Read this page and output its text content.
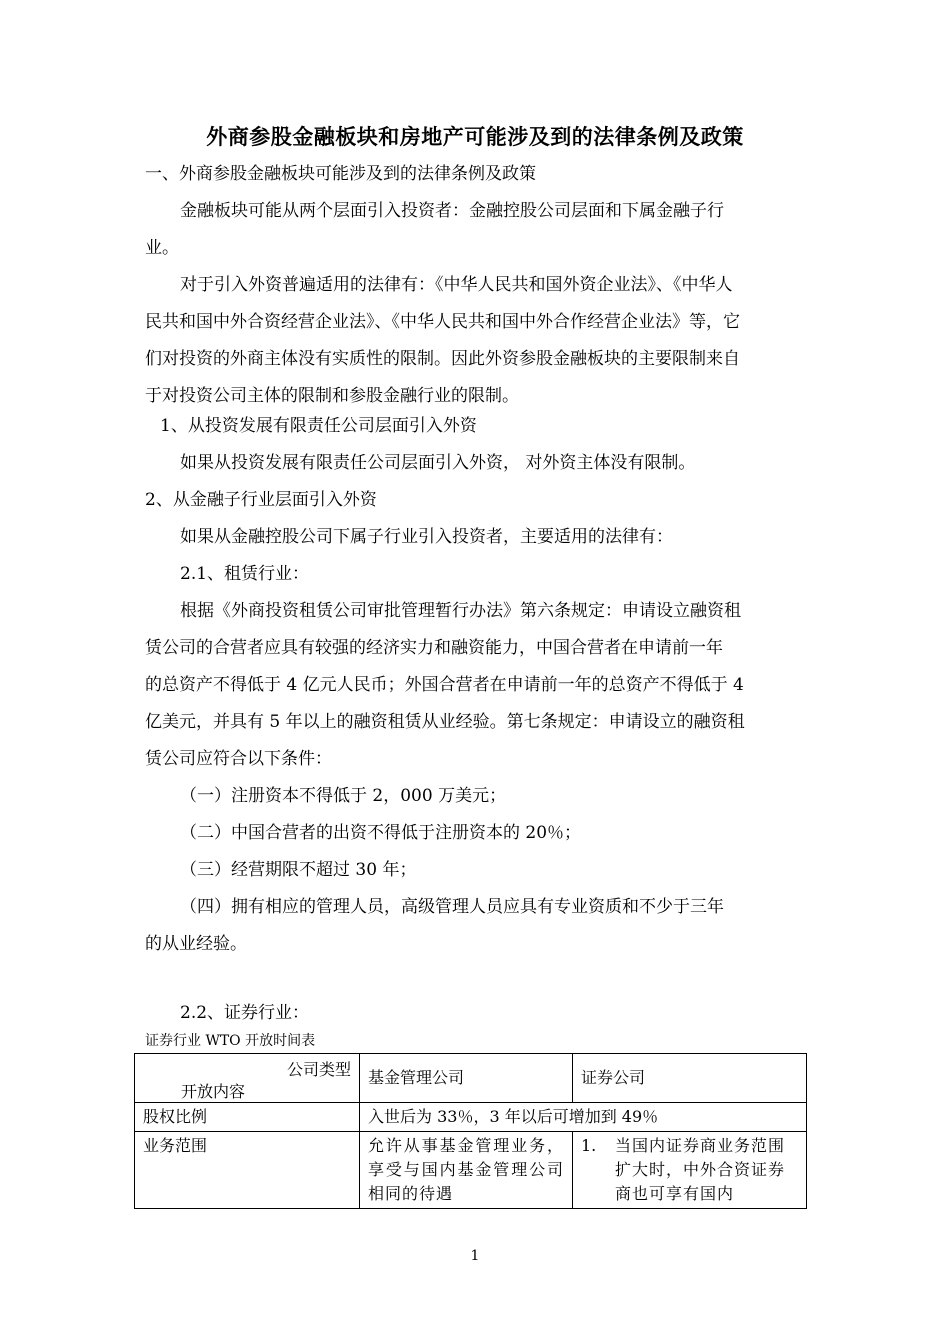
外商参股金融板块和房地产可能涉及到的法律条例及政策
一、外商参股金融板块可能涉及到的法律条例及政策
金融板块可能从两个层面引入投资者：金融控股公司层面和下属金融子行
业。
对于引入外资普遍适用的法律有：《中华人民共和国外资企业法》、《中华人
民共和国中外合资经营企业法》、《中华人民共和国中外合作经营企业法》等，它
们对投资的外商主体没有实质性的限制。因此外资参股金融板块的主要限制来自
于对投资公司主体的限制和参股金融行业的限制。
1、从投资发展有限责任公司层面引入外资
如果从投资发展有限责任公司层面引入外资， 对外资主体没有限制。
2、从金融子行业层面引入外资
如果从金融控股公司下属子行业引入投资者，主要适用的法律有：
2.1、租赁行业：
根据《外商投资租赁公司审批管理暂行办法》第六条规定：申请设立融资租
赁公司的合营者应具有较强的经济实力和融资能力，中国合营者在申请前一年
的总资产不得低于 4 亿元人民币；外国合营者在申请前一年的总资产不得低于 4
亿美元，并具有 5 年以上的融资租赁从业经验。第七条规定：申请设立的融资租
赁公司应符合以下条件：
（一）注册资本不得低于 2，000 万美元；
（二）中国合营者的出资不得低于注册资本的 20％；
（三）经营期限不超过 30 年；
（四）拥有相应的管理人员，高级管理人员应具有专业资质和不少于三年
的从业经验。
2.2、证券行业：
证券行业 WTO 开放时间表
公司类型
开放内容	基金管理公司	证券公司
股权比例	入世后为 33％，3 年以后可增加到 49％	
业务范围	允许从事基金管理业务，享受与国内基金管理公司相同的待遇	1. 当国内证券商业务范围扩大时，中外合资证券商也可享有国内
1
